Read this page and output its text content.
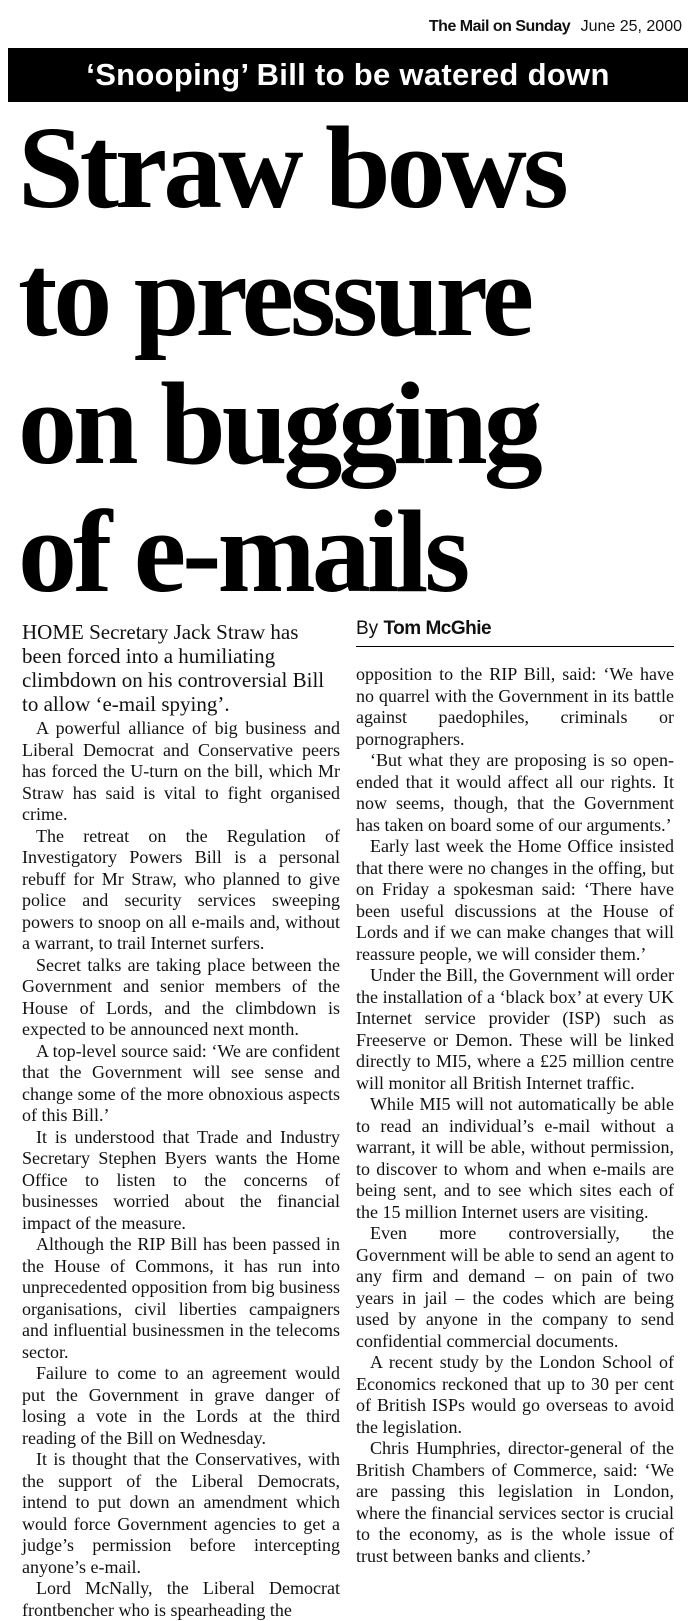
The Mail on Sunday June 25, 2000
‘Snooping’ Bill to be watered down
Straw bows
to pressure
on bugging
of e-mails

HOME Secretary Jack Straw has been forced into a humiliating climbdown on his controversial Bill to allow ‘e-mail spying’.

A powerful alliance of big business and Liberal Democrat and Conservative peers has forced the U-turn on the bill, which Mr Straw has said is vital to fight organised crime.

The retreat on the Regulation of Investigatory Powers Bill is a personal rebuff for Mr Straw, who planned to give police and security services sweeping powers to snoop on all e-mails and, without a warrant, to trail Internet surfers.

Secret talks are taking place between the Government and senior members of the House of Lords, and the climbdown is expected to be announced next month.

A top-level source said: ‘We are confident that the Government will see sense and change some of the more obnoxious aspects of this Bill.’

It is understood that Trade and Industry Secretary Stephen Byers wants the Home Office to listen to the concerns of businesses worried about the financial impact of the measure.

Although the RIP Bill has been passed in the House of Commons, it has run into unprecedented opposition from big business organisations, civil liberties campaigners and influential businessmen in the telecoms sector.

Failure to come to an agreement would put the Government in grave danger of losing a vote in the Lords at the third reading of the Bill on Wednesday.

It is thought that the Conservatives, with the support of the Liberal Democrats, intend to put down an amendment which would force Government agencies to get a judge’s permission before intercepting anyone’s e-mail.

Lord McNally, the Liberal Democrat frontbencher who is spearheading the

By Tom McGhie

opposition to the RIP Bill, said: ‘We have no quarrel with the Government in its battle against paedophiles, criminals or pornographers.

‘But what they are proposing is so open-ended that it would affect all our rights. It now seems, though, that the Government has taken on board some of our arguments.’

Early last week the Home Office insisted that there were no changes in the offing, but on Friday a spokesman said: ‘There have been useful discussions at the House of Lords and if we can make changes that will reassure people, we will consider them.’

Under the Bill, the Government will order the installation of a ‘black box’ at every UK Internet service provider (ISP) such as Freeserve or Demon. These will be linked directly to MI5, where a £25 million centre will monitor all British Internet traffic.

While MI5 will not automatically be able to read an individual’s e-mail without a warrant, it will be able, without permission, to discover to whom and when e-mails are being sent, and to see which sites each of the 15 million Internet users are visiting.

Even more controversially, the Government will be able to send an agent to any firm and demand – on pain of two years in jail – the codes which are being used by anyone in the company to send confidential commercial documents.

A recent study by the London School of Economics reckoned that up to 30 per cent of British ISPs would go overseas to avoid the legislation.

Chris Humphries, director-general of the British Chambers of Commerce, said: ‘We are passing this legislation in London, where the financial services sector is crucial to the economy, as is the whole issue of trust between banks and clients.’
